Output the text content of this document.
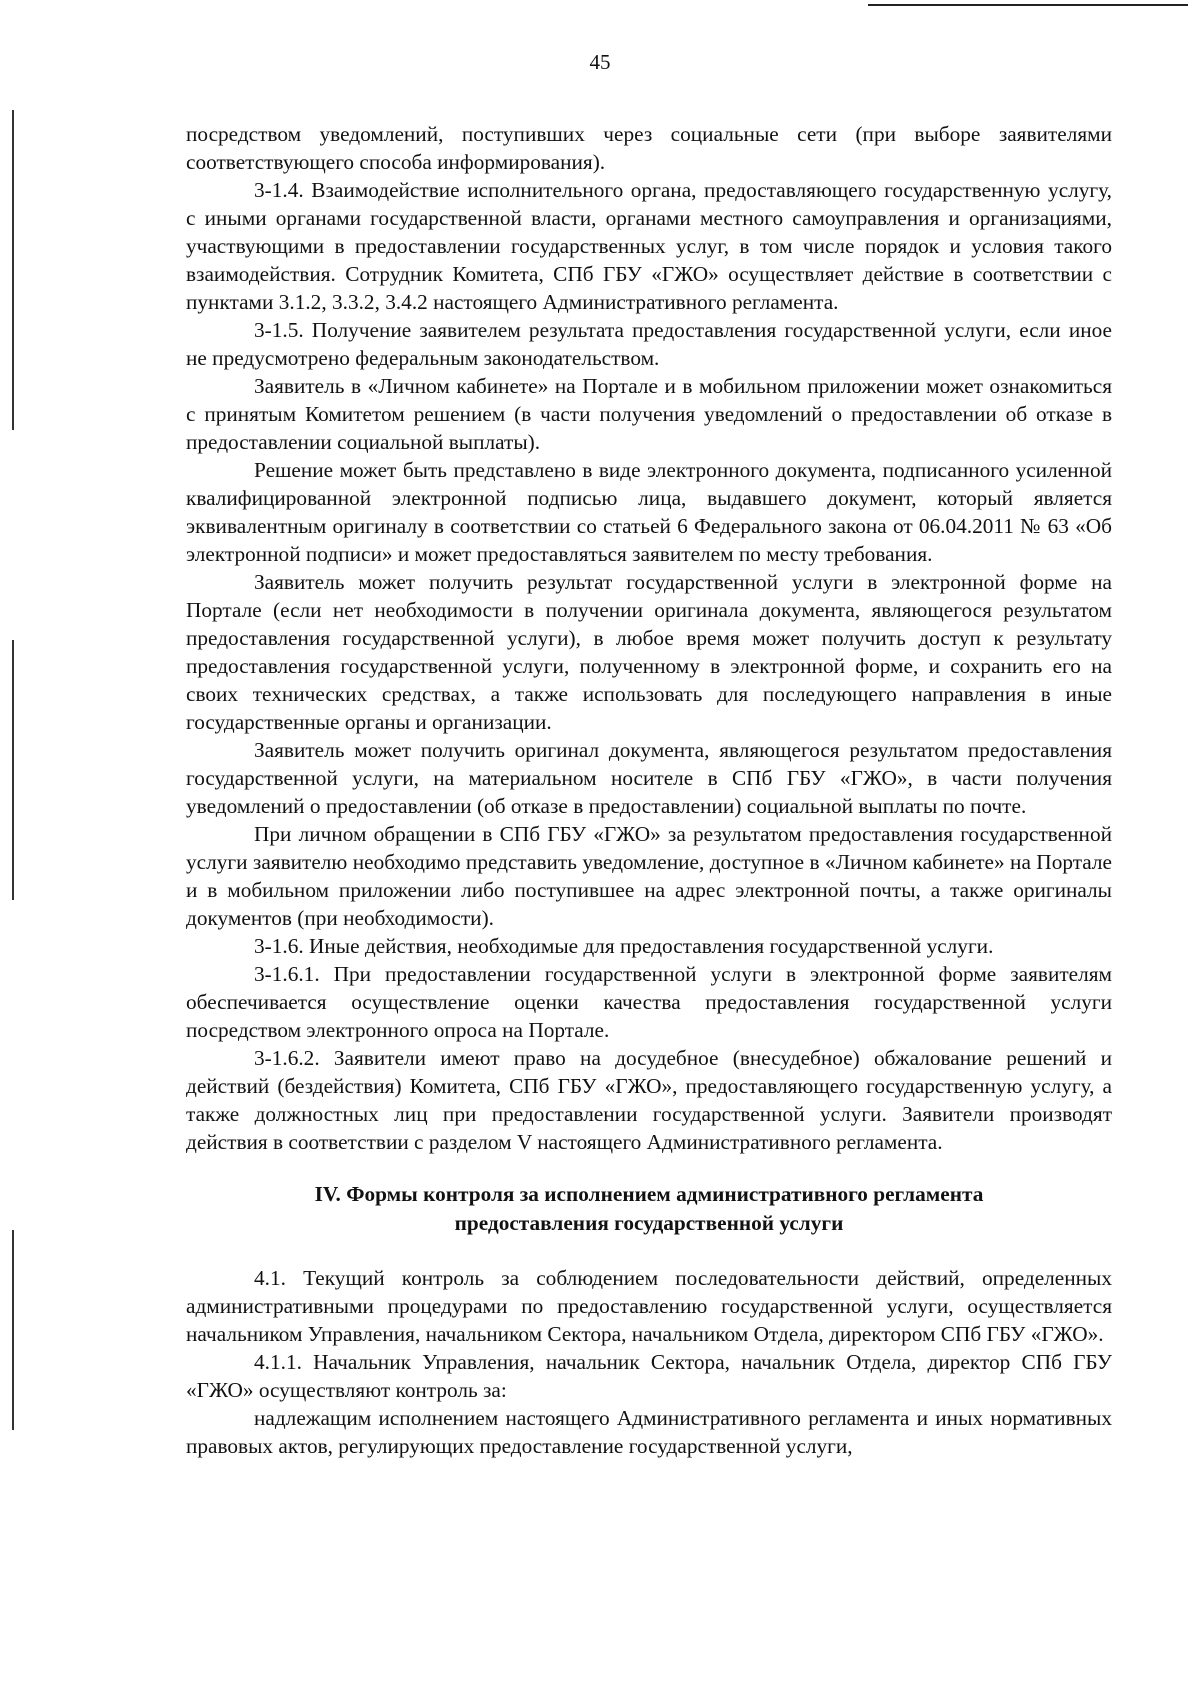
45

посредством уведомлений, поступивших через социальные сети (при выборе заявителями соответствующего способа информирования).

3-1.4. Взаимодействие исполнительного органа, предоставляющего государственную услугу, с иными органами государственной власти, органами местного самоуправления и организациями, участвующими в предоставлении государственных услуг, в том числе порядок и условия такого взаимодействия. Сотрудник Комитета, СПб ГБУ «ГЖО» осуществляет действие в соответствии с пунктами 3.1.2, 3.3.2, 3.4.2 настоящего Административного регламента.

3-1.5. Получение заявителем результата предоставления государственной услуги, если иное не предусмотрено федеральным законодательством.

Заявитель в «Личном кабинете» на Портале и в мобильном приложении может ознакомиться с принятым Комитетом решением (в части получения уведомлений о предоставлении об отказе в предоставлении социальной выплаты).

Решение может быть представлено в виде электронного документа, подписанного усиленной квалифицированной электронной подписью лица, выдавшего документ, который является эквивалентным оригиналу в соответствии со статьей 6 Федерального закона от 06.04.2011 № 63 «Об электронной подписи» и может предоставляться заявителем по месту требования.

Заявитель может получить результат государственной услуги в электронной форме на Портале (если нет необходимости в получении оригинала документа, являющегося результатом предоставления государственной услуги), в любое время может получить доступ к результату предоставления государственной услуги, полученному в электронной форме, и сохранить его на своих технических средствах, а также использовать для последующего направления в иные государственные органы и организации.

Заявитель может получить оригинал документа, являющегося результатом предоставления государственной услуги, на материальном носителе в СПб ГБУ «ГЖО», в части получения уведомлений о предоставлении (об отказе в предоставлении) социальной выплаты по почте.

При личном обращении в СПб ГБУ «ГЖО» за результатом предоставления государственной услуги заявителю необходимо представить уведомление, доступное в «Личном кабинете» на Портале и в мобильном приложении либо поступившее на адрес электронной почты, а также оригиналы документов (при необходимости).

3-1.6. Иные действия, необходимые для предоставления государственной услуги.

3-1.6.1. При предоставлении государственной услуги в электронной форме заявителям обеспечивается осуществление оценки качества предоставления государственной услуги посредством электронного опроса на Портале.

3-1.6.2. Заявители имеют право на досудебное (внесудебное) обжалование решений и действий (бездействия) Комитета, СПб ГБУ «ГЖО», предоставляющего государственную услугу, а также должностных лиц при предоставлении государственной услуги. Заявители производят действия в соответствии с разделом V настоящего Административного регламента.

IV. Формы контроля за исполнением административного регламента
предоставления государственной услуги

4.1. Текущий контроль за соблюдением последовательности действий, определенных административными процедурами по предоставлению государственной услуги, осуществляется начальником Управления, начальником Сектора, начальником Отдела, директором СПб ГБУ «ГЖО».

4.1.1. Начальник Управления, начальник Сектора, начальник Отдела, директор СПб ГБУ «ГЖО» осуществляют контроль за:

надлежащим исполнением настоящего Административного регламента и иных нормативных правовых актов, регулирующих предоставление государственной услуги,
